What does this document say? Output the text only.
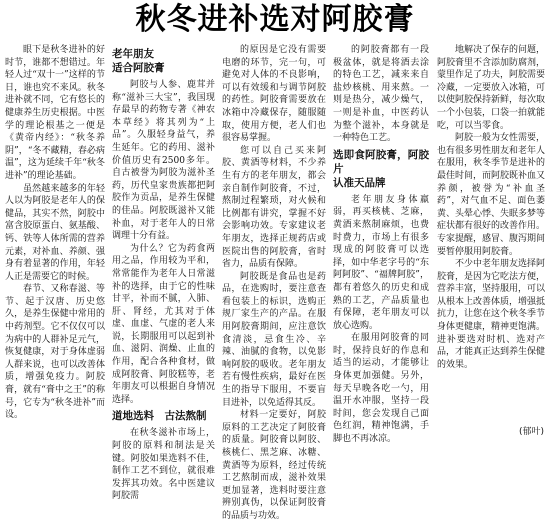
秋冬进补选对阿胶膏

眼下是秋冬进补的好时节，谁都不想错过。年轻人过“双十一”这样的节日，谁也究不来风。秋冬进补就不同，它有悠长的健康养生历史根据。中医学的理论根基之一便是《黄帝内经》：“秋冬养阴”，“冬不藏精，春必病温”，这为延续千年“秋冬进补”的理论基础。

虽然越来越多的年轻人以为阿胶是老年人的保健品，其实不然，阿胶中富含胶原蛋白、氨基酸、钙、铁等人体所需的营养元素，对补血、养颜、强身有着显著的作用，年轻人正是需要它的时候。

春节、又称春滋、等节、起于汉唐、历史悠久，是养生保健中常用的中药剂型。它不仅仅可以为病中的人群补足元气，恢复健康，对于身体虚弱人群来说，也可以改善体质，增强免疫力。阿胶膏，就有“膏中之王”的称号，它专为“秋冬进补”而设。

老年朋友
适合阿胶膏

阿胶与人参、鹿茸并称“滋补三大宝”，我国现存最早的药物专著《神农本草经》将其列为“上品”。久服轻身益气，养生延年。它的药用、滋补价值历史有2500多年。自古被誉为阿胶为滋补圣药，历代皇家贵族都把阿胶作为贡品，是养生保健的佳品。阿胶既滋补又能补血，对于老年人的日常调理十分有益。

为什么？它为药食两用之品，作用较为平和，常常能作为老年人日常滋补的选择，由于它的性味甘平，补而不腻，入肺、肝、肾经，尤其对于体虚、血虚、气虚的老人来说，长期服用可以起到补血、滋阴、润燥、止血的作用，配合各种食材，做成阿胶膏、阿胶糕等，老年朋友可以根据自身情况选择。

道地选料　古法熬制

在秋冬滋补市场上，阿胶的原料和制法是关键。阿胶如果选料不佳，制作工艺不到位，就很难发挥其功效。名中医建议阿胶需

的原因是它没有需要电磨的环节，完一句，可避免对人体的不良影响，可以有效缓和与调节阿胶的药性。阿胶膏需要放在冰箱中冷藏保存，随服随取，使用方便，老人们也很容易掌握。

您可以自己买来阿胶、黄酒等材料，不少养生有方的老年朋友，都会亲自制作阿胶膏，不过，熬制过程繁琐，对火候和比例都有讲究，掌握不好会影响功效。专家建议老年朋友，选择正规药店或医院出售的阿胶膏，省时省力，品质有保障。

阿胶既是食品也是药品，在选购时，要注意查看包装上的标识，选购正规厂家生产的产品。在服用阿胶膏期间，应注意饮食清淡，忌食生冷、辛辣、油腻的食物，以免影响阿胶的吸收。老年朋友若有慢性疾病，最好在医生的指导下服用，不要盲目进补，以免适得其反。

材料一定要好，阿胶原料的工艺决定了阿胶膏的质量。阿胶膏以阿胶、核桃仁、黑芝麻、冰糖、黄酒等为原料，经过传统工艺熬制而成，滋补效果更加显著，选料时要注意辨别真伪，以保证阿胶膏的品质与功效。

的阿胶膏都有一段极盆体，就是将酒去涂的特色工艺，减来来自盐炒核桃、用来熬。一则是热分，减少燥气，一则是补血，中医药认为整个滋补，本身就是一种特色工艺。

选即食阿胶膏，阿胶片
认准天品牌

老年朋友身体羸弱，再买核桃、芝麻，黄酒来熬制麻烦，也费时费力，市场上有很多现成的阿胶膏可以选择，如中华老字号的“东阿阿胶”、“福牌阿胶”，都有着悠久的历史和成熟的工艺，产品质量也有保障，老年朋友可以放心选购。

在服用阿胶膏的同时，保持良好的作息和适当的运动，才能够让身体更加强健。另外，每天早晚各吃一勺，用温开水冲服，坚持一段时间，您会发现自己面色红润，精神饱满，手脚也不再冰凉。

地解决了保存的问题，阿胶膏里不含添加防腐剂，蒙里作足了功夫，阿胶需要冷藏，一定要放入冰箱，可以使阿胶保持新鲜，每次取一个小包装，口袋一拍就能吃，可以当零食。

阿胶一般为女性需要，也有很多男性朋友和老年人在服用，秋冬季节是进补的最佳时间，而阿胶既补血又养颜，被誉为“补血圣药”，对气血不足、面色萎黄、头晕心悸、失眠多梦等症状都有很好的改善作用。专家提醒，感冒、腹泻期间要暂停服用阿胶膏。

不少中老年朋友选择阿胶膏，是因为它吃法方便，营养丰富，坚持服用，可以从根本上改善体质，增强抵抗力，让您在这个秋冬季节身体更健康，精神更饱满。进补要选对时机、选对产品，才能真正达到养生保健的效果。

(郁叶)
